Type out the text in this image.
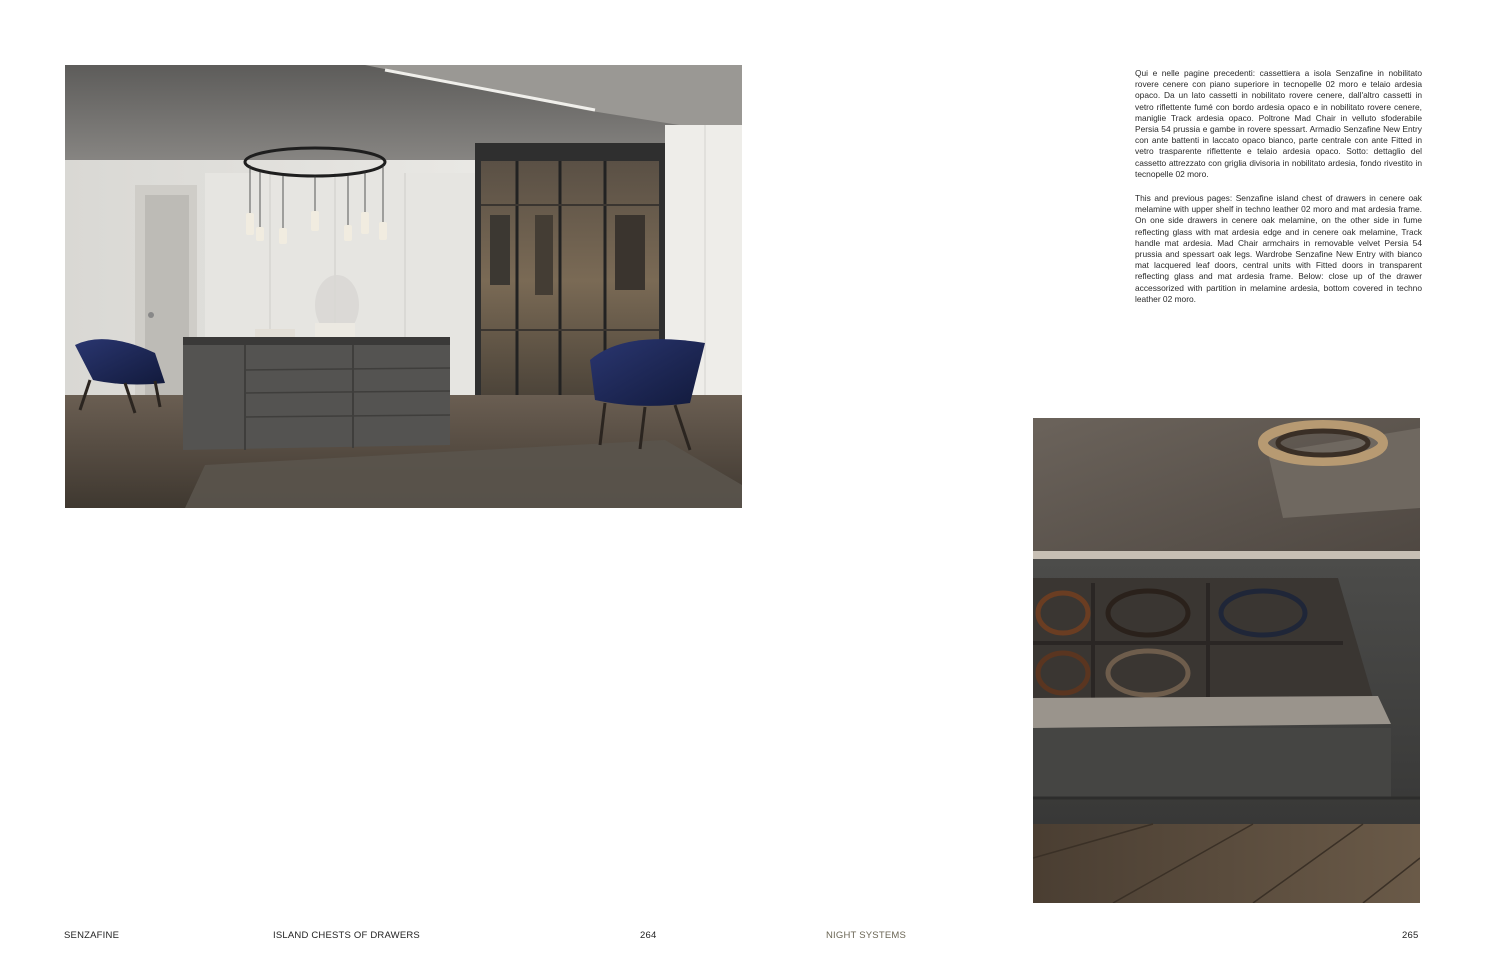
Qui e nelle pagine precedenti: cassettiera a isola Senzafine in nobilitato rovere cenere con piano superiore in tecnopelle 02 moro e telaio ardesia opaco. Da un lato cassetti in nobilitato rovere cenere, dall'altro cassetti in vetro riflettente fumé con bordo ardesia opaco e in nobilitato rovere cenere, maniglie Track ardesia opaco. Poltrone Mad Chair in velluto sfoderabile Persia 54 prussia e gambe in rovere spessart. Armadio Senzafine New Entry con ante battenti in laccato opaco bianco, parte centrale con ante Fitted in vetro trasparente riflettente e telaio ardesia opaco. Sotto: dettaglio del cassetto attrezzato con griglia divisoria in nobilitato ardesia, fondo rivestito in tecnopelle 02 moro.

This and previous pages: Senzafine island chest of drawers in cenere oak melamine with upper shelf in techno leather 02 moro and mat ardesia frame. On one side drawers in cenere oak melamine, on the other side in fume reflecting glass with mat ardesia edge and in cenere oak melamine, Track handle mat ardesia. Mad Chair armchairs in removable velvet Persia 54 prussia and spessart oak legs. Wardrobe Senzafine New Entry with bianco mat lacquered leaf doors, central units with Fitted doors in transparent reflecting glass and mat ardesia frame. Below: close up of the drawer accessorized with partition in melamine ardesia, bottom covered in techno leather 02 moro.

SENZAFINE	ISLAND CHESTS OF DRAWERS	264	NIGHT SYSTEMS	265
